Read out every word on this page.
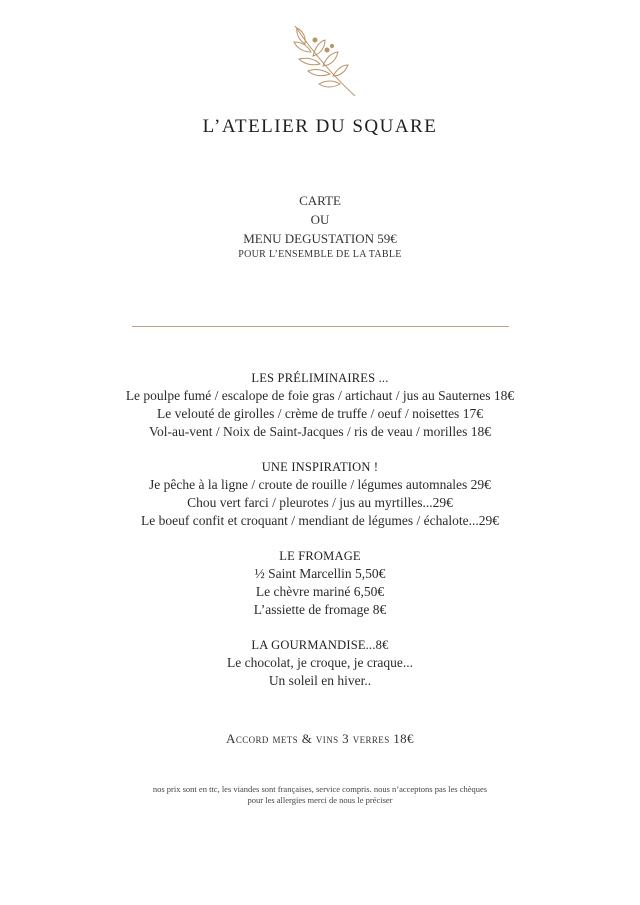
L’ATELIER DU SQUARE
CARTE
OU
MENU DEGUSTATION 59€
POUR L’ENSEMBLE DE LA TABLE
LES PRÉLIMINAIRES ...
Le poulpe fumé / escalope de foie gras / artichaut / jus au Sauternes 18€
Le velouté de girolles / crème de truffe / oeuf / noisettes 17€
Vol-au-vent / Noix de Saint-Jacques / ris de veau / morilles 18€
UNE INSPIRATION !
Je pêche à la ligne / croute de rouille / légumes automnales 29€
Chou vert farci / pleurotes / jus au myrtilles...29€
Le boeuf confit et croquant / mendiant de légumes / échalote...29€
LE FROMAGE
½ Saint Marcellin 5,50€
Le chèvre mariné 6,50€
L’assiette de fromage 8€
LA GOURMANDISE...8€
Le chocolat, je croque, je craque...
Un soleil en hiver..
Accord mets & vins 3 verres 18€
nos prix sont en ttc, les viandes sont françaises, service compris. nous n’acceptons pas les chèques
pour les allergies merci de nous le préciser
